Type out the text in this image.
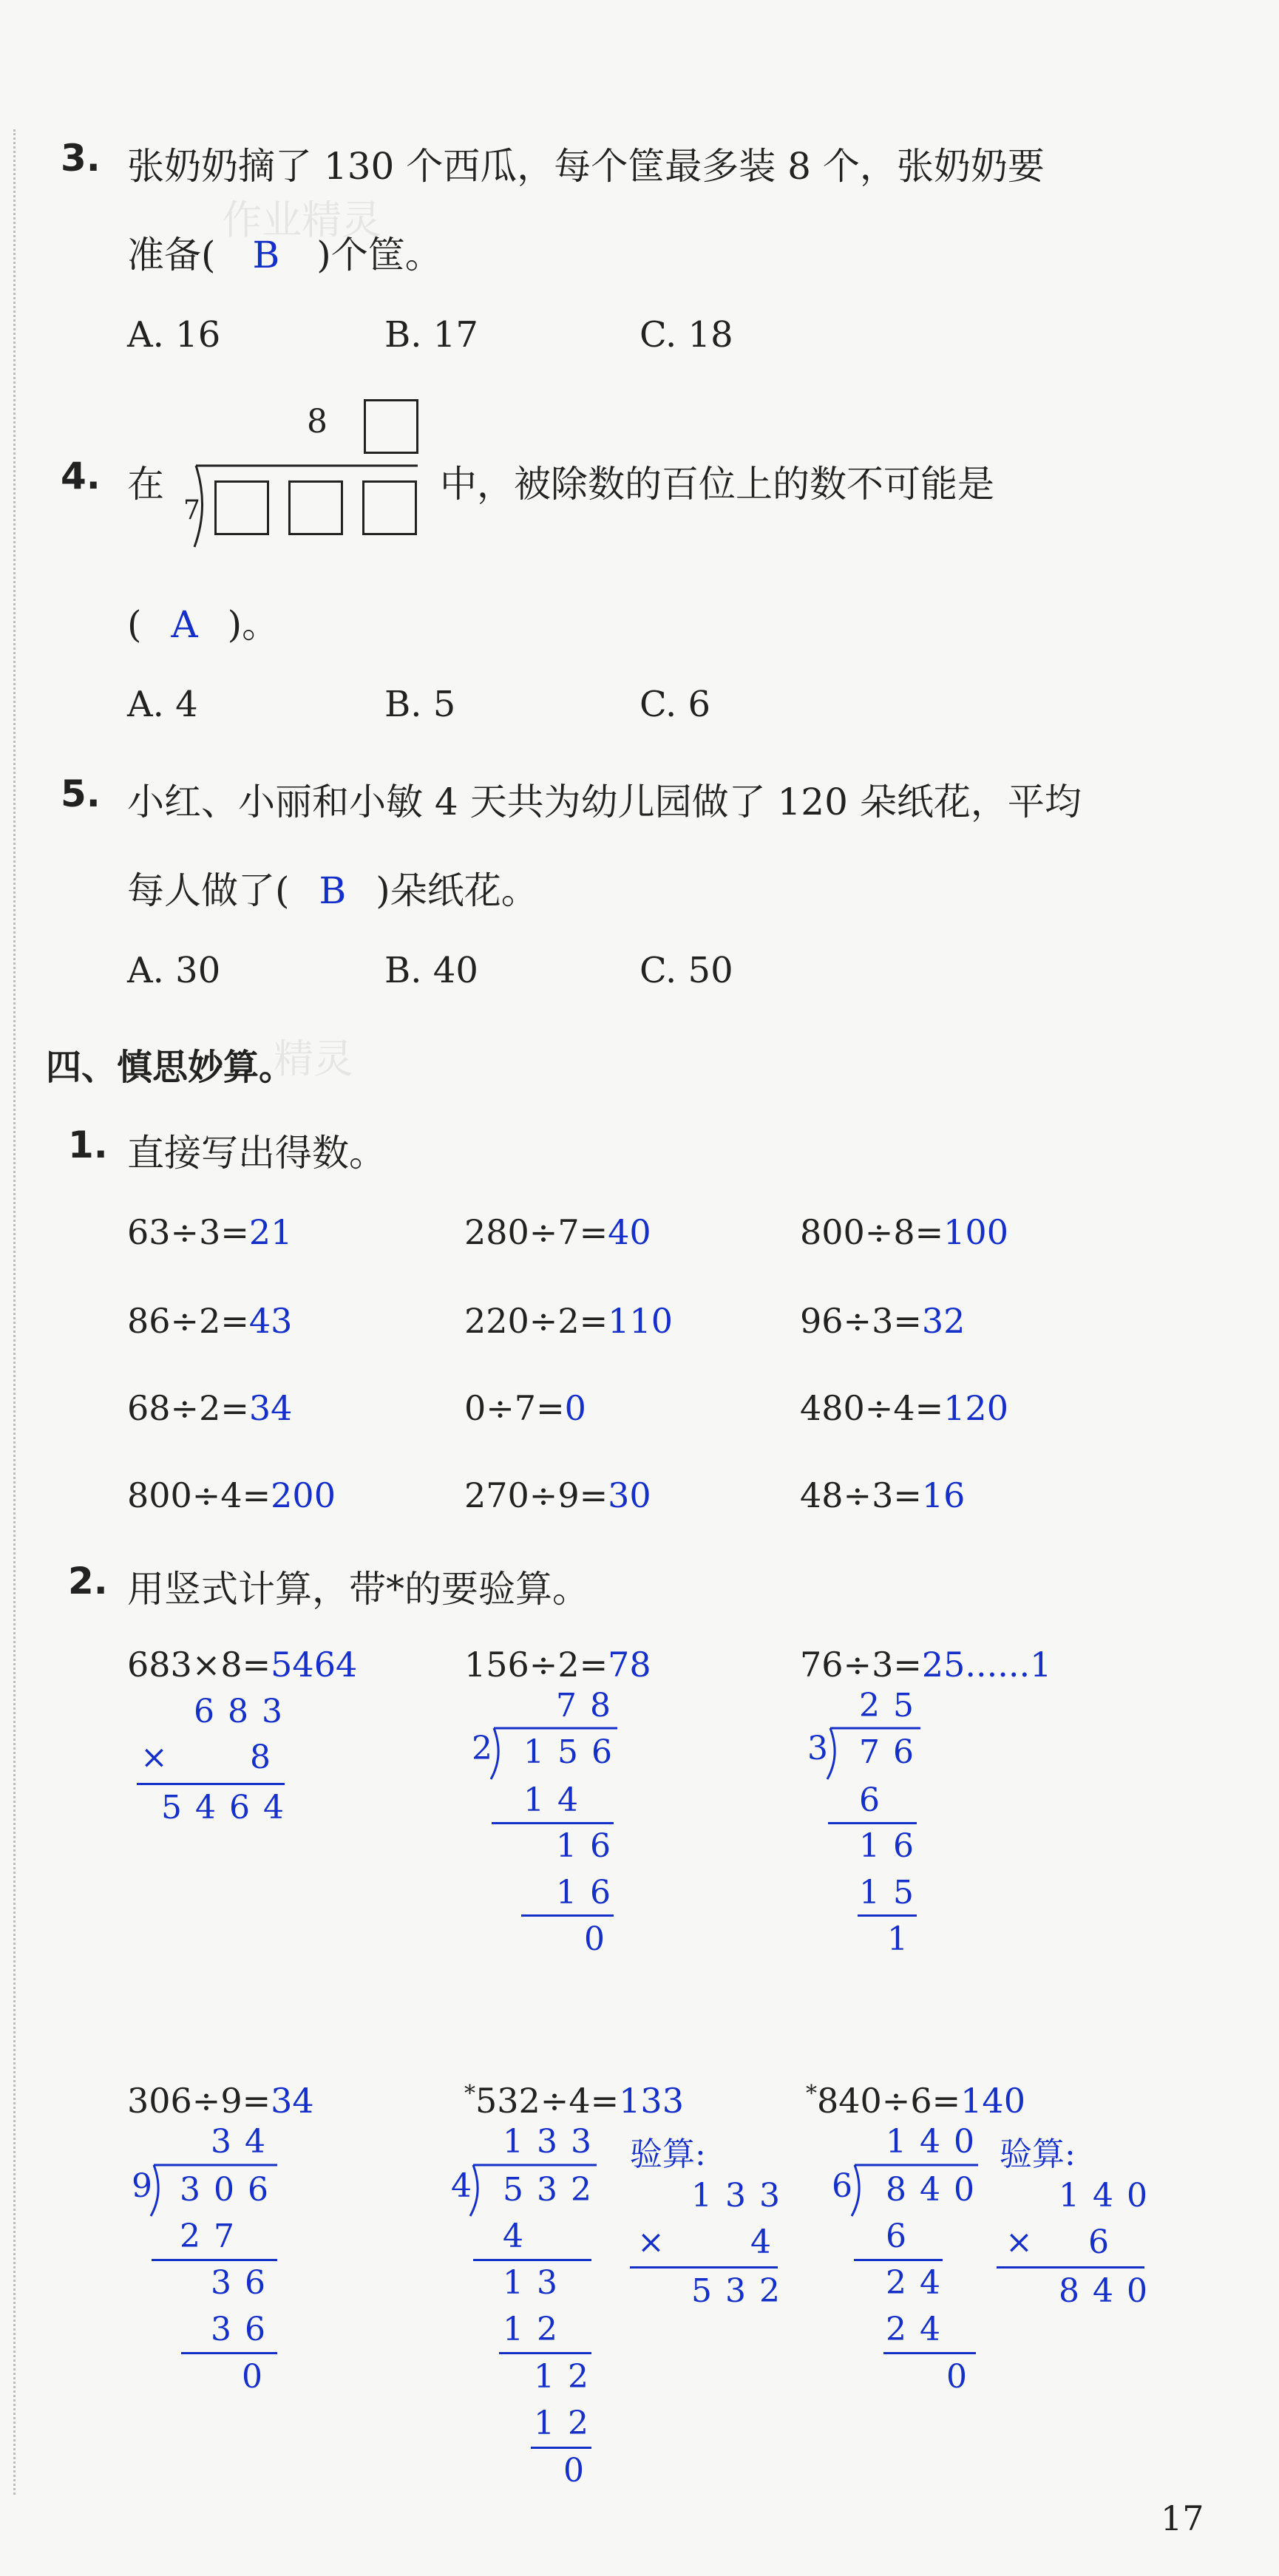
作业精灵
精灵
3. 张奶奶摘了 130 个西瓜，每个筐最多装 8 个，张奶奶要
准备( B )个筐。
A. 16	B. 17	C. 18
4. 在
8
7
中，被除数的百位上的数不可能是
( A )。
A. 4	B. 5	C. 6
5. 小红、小丽和小敏 4 天共为幼儿园做了 120 朵纸花，平均
每人做了( B )朵纸花。
A. 30	B. 40	C. 50
四、慎思妙算。
1. 直接写出得数。
63÷3=21	280÷7=40	800÷8=100
86÷2=43	220÷2=110	96÷3=32
68÷2=34	0÷7=0	480÷4=120
800÷4=200	270÷9=30	48÷3=16
2. 用竖式计算，带*的要验算。
683×8=5464
683
× 8
5464
156÷2=78
78
2 156
14
16
16
0
76÷3=25......1
25
3 76
6
16
15
1
306÷9=34
34
9 306
27
36
36
0
*532÷4=133
133
4 532
4
13
12
12
12
0
验算:
133
× 4
532
*840÷6=140
140
6 840
6
24
24
0
验算:
140
× 6
840
17
